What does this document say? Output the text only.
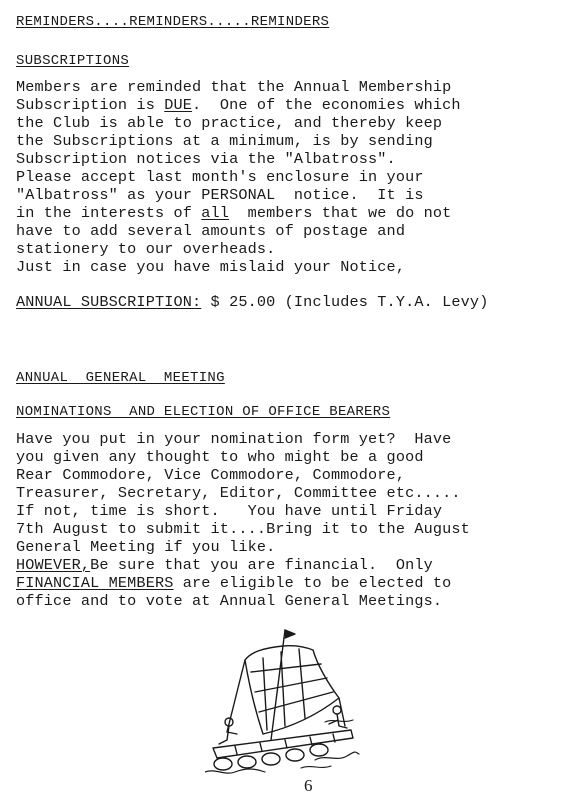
REMINDERS....REMINDERS.....REMINDERS
SUBSCRIPTIONS
Members are reminded that the Annual Membership
Subscription is DUE.  One of the economies which
the Club is able to practice, and thereby keep
the Subscriptions at a minimum, is by sending
Subscription notices via the "Albatross".
Please accept last month's enclosure in your
"Albatross" as your PERSONAL  notice.  It is
in the interests of all  members that we do not
have to add several amounts of postage and
stationery to our overheads.
Just in case you have mislaid your Notice,
ANNUAL SUBSCRIPTION: $ 25.00 (Includes T.Y.A. Levy)
ANNUAL  GENERAL  MEETING
NOMINATIONS  AND ELECTION OF OFFICE BEARERS
Have you put in your nomination form yet?  Have
you given any thought to who might be a good
Rear Commodore, Vice Commodore, Commodore,
Treasurer, Secretary, Editor, Committee etc.....
If not, time is short.   You have until Friday
7th August to submit it....Bring it to the August
General Meeting if you like.
HOWEVER,Be sure that you are financial.  Only
FINANCIAL MEMBERS are eligible to be elected to
office and to vote at Annual General Meetings.
6
